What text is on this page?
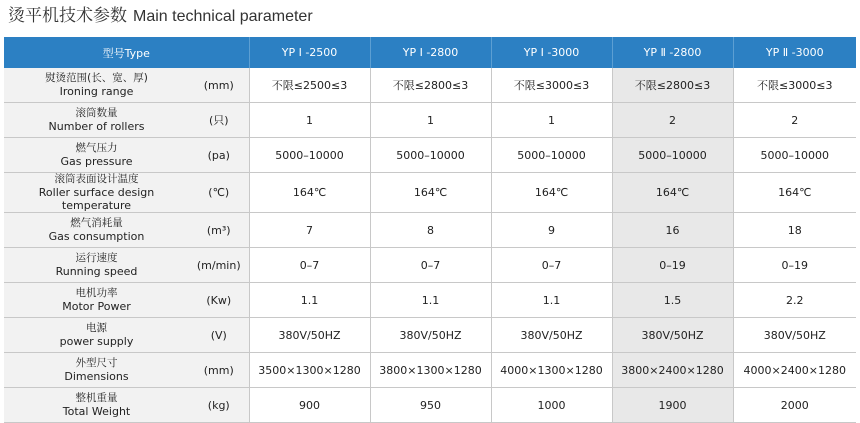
烫平机技术参数 Main technical parameter
型号Type		YP Ⅰ -2500	YP Ⅰ -2800	YP Ⅰ -3000	YP Ⅱ -2800	YP Ⅱ -3000

熨烫范围(长、宽、厚)
Ironing range	(mm)	不限≤2500≤3	不限≤2800≤3	不限≤3000≤3	不限≤2800≤3	不限≤3000≤3

滚筒数量
Number of rollers	(只)	1	1	1	2	2

燃气压力
Gas pressure	(pa)	5000–10000	5000–10000	5000–10000	5000–10000	5000–10000

滚筒表面设计温度
Roller surface design temperature	(℃)	164℃	164℃	164℃	164℃	164℃

燃气消耗量
Gas consumption	(m³)	7	8	9	16	18

运行速度
Running speed	(m/min)	0–7	0–7	0–7	0–19	0–19

电机功率
Motor Power	(Kw)	1.1	1.1	1.1	1.5	2.2

电源
power supply	(V)	380V/50HZ	380V/50HZ	380V/50HZ	380V/50HZ	380V/50HZ

外型尺寸
Dimensions	(mm)	3500×1300×1280	3800×1300×1280	4000×1300×1280	3800×2400×1280	4000×2400×1280

整机重量
Total Weight	(kg)	900	950	1000	1900	2000
